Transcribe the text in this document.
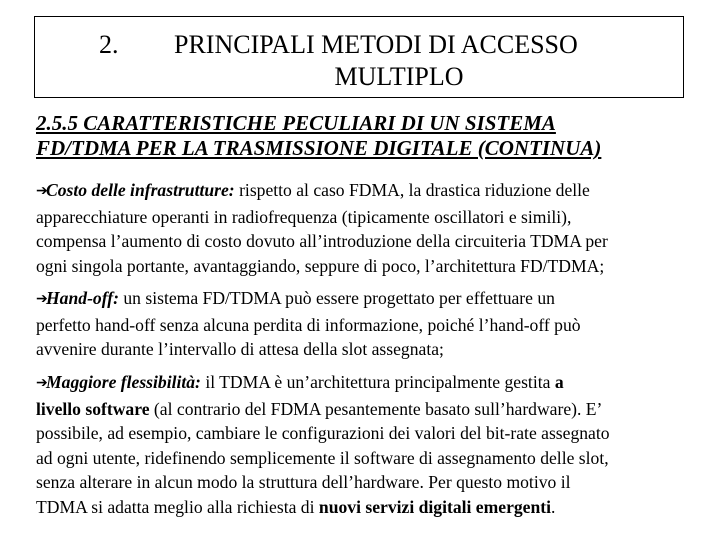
2. PRINCIPALI METODI DI ACCESSO
MULTIPLO
2.5.5 CARATTERISTICHE PECULIARI DI UN SISTEMA
FD/TDMA PER LA TRASMISSIONE DIGITALE (CONTINUA)
➔Costo delle infrastrutture: rispetto al caso FDMA, la drastica riduzione delle
apparecchiature operanti in radiofrequenza (tipicamente oscillatori e simili),
compensa l’aumento di costo dovuto all’introduzione della circuiteria TDMA per
ogni singola portante, avantaggiando, seppure di poco, l’architettura FD/TDMA;
➔Hand-off: un sistema FD/TDMA può essere progettato per effettuare un
perfetto hand-off senza alcuna perdita di informazione, poiché l’hand-off può
avvenire durante l’intervallo di attesa della slot assegnata;
➔Maggiore flessibilità: il TDMA è un’architettura principalmente gestita a
livello software (al contrario del FDMA pesantemente basato sull’hardware). E’
possibile, ad esempio, cambiare le configurazioni dei valori del bit-rate assegnato
ad ogni utente, ridefinendo semplicemente il software di assegnamento delle slot,
senza alterare in alcun modo la struttura dell’hardware. Per questo motivo il
TDMA si adatta meglio alla richiesta di nuovi servizi digitali emergenti.
